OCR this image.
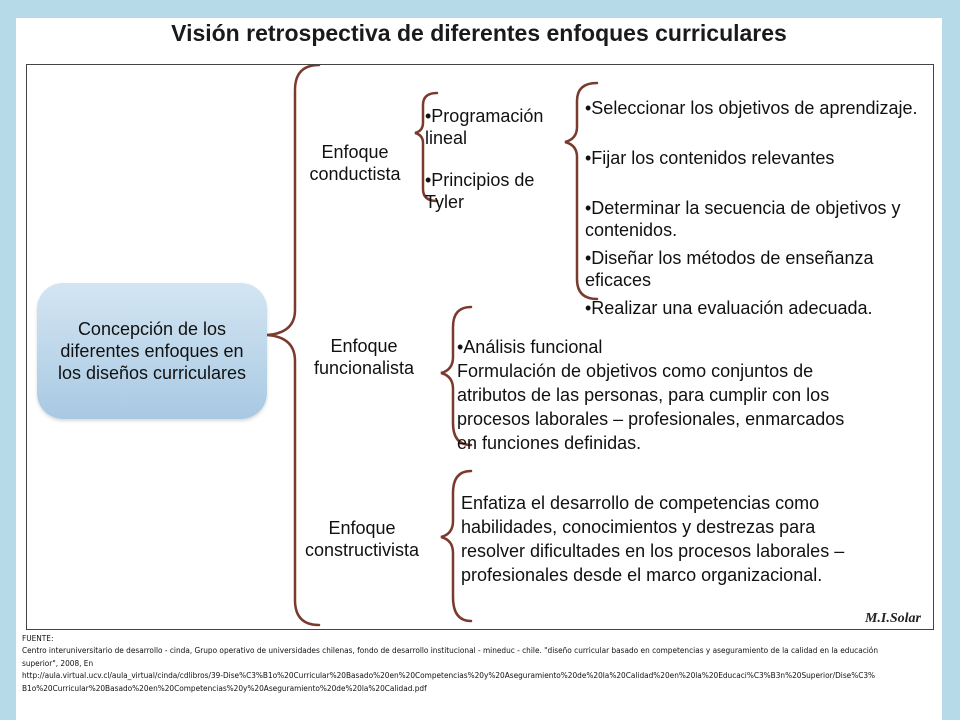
Visión retrospectiva de diferentes enfoques curriculares
Concepción de los diferentes enfoques en los diseños curriculares

Enfoque conductista

•Programación lineal

•Principios de Tyler

•Seleccionar los objetivos de aprendizaje.

•Fijar los contenidos relevantes

•Determinar la secuencia de objetivos y contenidos.

•Diseñar los métodos de enseñanza eficaces

•Realizar una evaluación adecuada.

Enfoque funcionalista

•Análisis funcional

Formulación de objetivos como conjuntos de atributos de las personas, para cumplir con los procesos laborales – profesionales, enmarcados en funciones definidas.

Enfoque constructivista

Enfatiza el desarrollo de competencias como habilidades, conocimientos y destrezas para resolver dificultades en los procesos laborales – profesionales desde el marco organizacional.

M.I.Solar
FUENTE:
Centro interuniversitario de desarrollo - cinda, Grupo operativo de universidades chilenas, fondo de desarrollo institucional - mineduc - chile. "diseño curricular basado en competencias y aseguramiento de la calidad en la educación
superior", 2008, En
http://aula.virtual.ucv.cl/aula_virtual/cinda/cdlibros/39-Dise%C3%B1o%20Curricular%20Basado%20en%20Competencias%20y%20Aseguramiento%20de%20la%20Calidad%20en%20la%20Educaci%C3%B3n%20Superior/Dise%C3%
B1o%20Curricular%20Basado%20en%20Competencias%20y%20Aseguramiento%20de%20la%20Calidad.pdf
